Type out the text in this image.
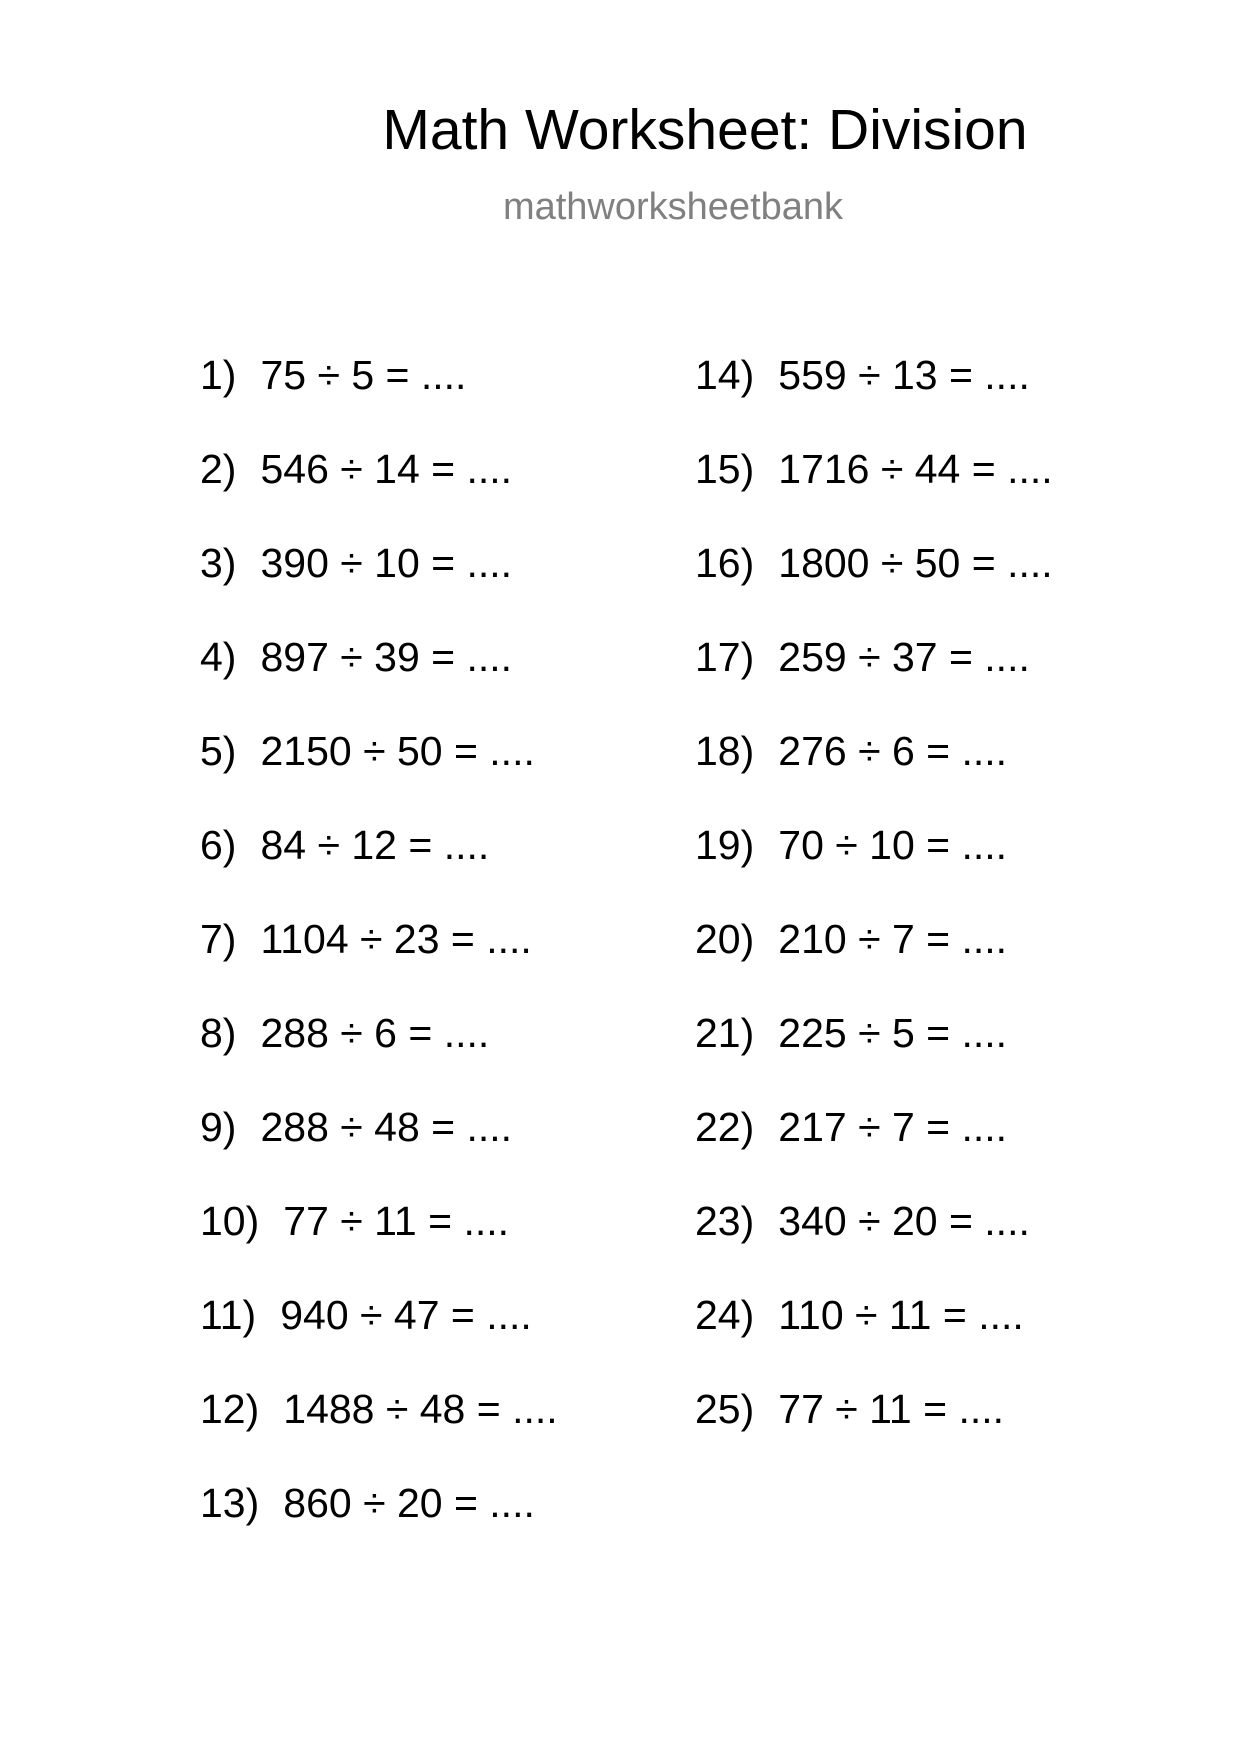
Math Worksheet: Division
mathworksheetbank
1) 75 ÷ 5 = ....
2) 546 ÷ 14 = ....
3) 390 ÷ 10 = ....
4) 897 ÷ 39 = ....
5) 2150 ÷ 50 = ....
6) 84 ÷ 12 = ....
7) 1104 ÷ 23 = ....
8) 288 ÷ 6 = ....
9) 288 ÷ 48 = ....
10) 77 ÷ 11 = ....
11) 940 ÷ 47 = ....
12) 1488 ÷ 48 = ....
13) 860 ÷ 20 = ....
14) 559 ÷ 13 = ....
15) 1716 ÷ 44 = ....
16) 1800 ÷ 50 = ....
17) 259 ÷ 37 = ....
18) 276 ÷ 6 = ....
19) 70 ÷ 10 = ....
20) 210 ÷ 7 = ....
21) 225 ÷ 5 = ....
22) 217 ÷ 7 = ....
23) 340 ÷ 20 = ....
24) 110 ÷ 11 = ....
25) 77 ÷ 11 = ....
